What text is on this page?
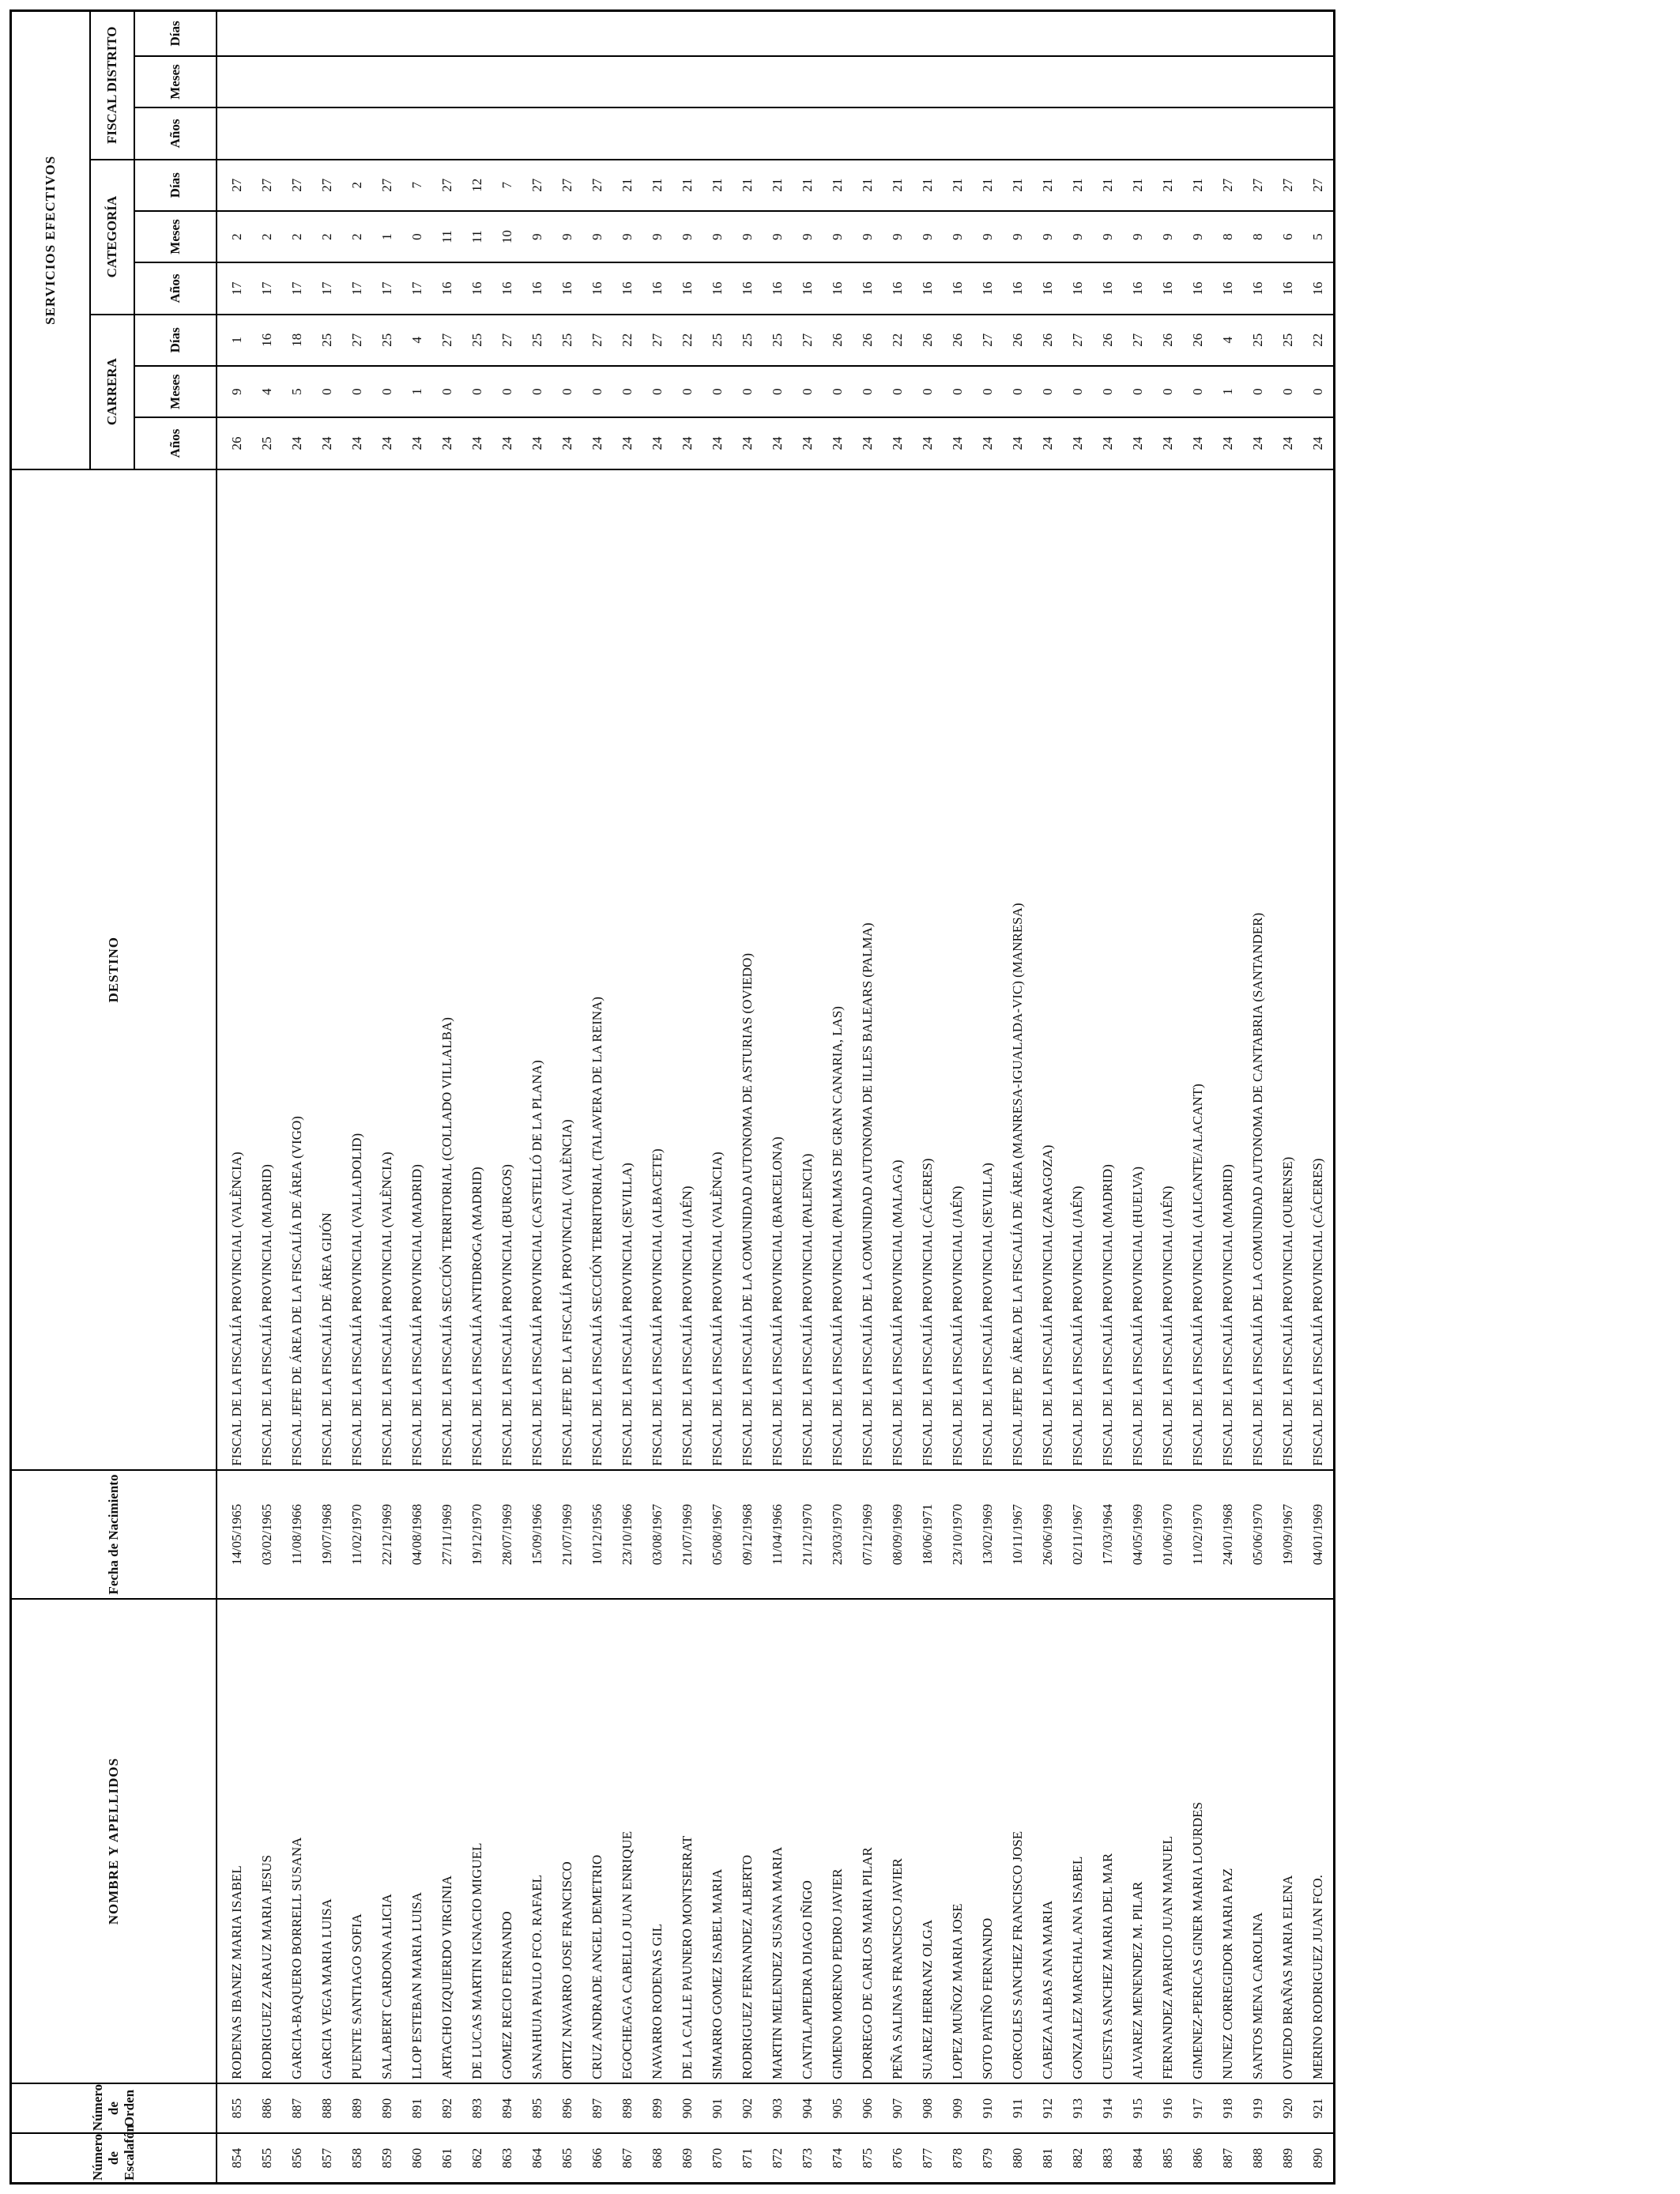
Número de Escalafón	Número de Orden	NOMBRE Y APELLIDOS	Fecha de Nacimiento	DESTINO	SERVICIOS EFECTIVOS								
					CARRERA			CATEGORÍA			FISCAL DISTRITO		
					Años	Meses	Días	Años	Meses	Días	Años	Meses	Días
854	855	RODENAS IBANEZ MARIA ISABEL	14/05/1965	FISCAL DE LA FISCALÍA PROVINCIAL (VALÈNCIA)	26	9	1	17	2	27			
855	886	RODRIGUEZ ZARAUZ MARIA JESUS	03/02/1965	FISCAL DE LA FISCALÍA PROVINCIAL (MADRID)	25	4	16	17	2	27			
856	887	GARCIA-BAQUERO BORRELL SUSANA	11/08/1966	FISCAL JEFE DE ÁREA DE LA FISCALÍA DE ÁREA (VIGO)	24	5	18	17	2	27			
857	888	GARCIA VEGA MARIA LUISA	19/07/1968	FISCAL DE LA FISCALÍA DE ÁREA GIJÓN	24	0	25	17	2	27			
858	889	PUENTE SANTIAGO SOFIA	11/02/1970	FISCAL DE LA FISCALÍA PROVINCIAL (VALLADOLID)	24	0	27	17	2	2			
859	890	SALABERT CARDONA ALICIA	22/12/1969	FISCAL DE LA FISCALÍA PROVINCIAL (VALÈNCIA)	24	0	25	17	1	27			
860	891	LLOP ESTEBAN MARIA LUISA	04/08/1968	FISCAL DE LA FISCALÍA PROVINCIAL (MADRID)	24	1	4	17	0	7			
861	892	ARTACHO IZQUIERDO VIRGINIA	27/11/1969	FISCAL DE LA FISCALÍA SECCIÓN TERRITORIAL (COLLADO VILLALBA)	24	0	27	16	11	27			
862	893	DE LUCAS MARTIN IGNACIO MIGUEL	19/12/1970	FISCAL DE LA FISCALÍA ANTIDROGA (MADRID)	24	0	25	16	11	12			
863	894	GOMEZ RECIO FERNANDO	28/07/1969	FISCAL DE LA FISCALÍA PROVINCIAL (BURGOS)	24	0	27	16	10	7			
864	895	SANAHUJA PAULO FCO. RAFAEL	15/09/1966	FISCAL DE LA FISCALÍA PROVINCIAL (CASTELLÓ DE LA PLANA)	24	0	25	16	9	27			
865	896	ORTIZ NAVARRO JOSE FRANCISCO	21/07/1969	FISCAL JEFE DE LA FISCALÍA PROVINCIAL (VALÈNCIA)	24	0	25	16	9	27			
866	897	CRUZ ANDRADE ANGEL DEMETRIO	10/12/1956	FISCAL DE LA FISCALÍA SECCIÓN TERRITORIAL (TALAVERA DE LA REINA)	24	0	27	16	9	27			
867	898	EGOCHEAGA CABELLO JUAN ENRIQUE	23/10/1966	FISCAL DE LA FISCALÍA PROVINCIAL (SEVILLA)	24	0	22	16	9	21			
868	899	NAVARRO RODENAS GIL	03/08/1967	FISCAL DE LA FISCALÍA PROVINCIAL (ALBACETE)	24	0	27	16	9	21			
869	900	DE LA CALLE PAUNERO MONTSERRAT	21/07/1969	FISCAL DE LA FISCALÍA PROVINCIAL (JAÉN)	24	0	22	16	9	21			
870	901	SIMARRO GOMEZ ISABEL MARIA	05/08/1967	FISCAL DE LA FISCALÍA PROVINCIAL (VALÈNCIA)	24	0	25	16	9	21			
871	902	RODRIGUEZ FERNANDEZ ALBERTO	09/12/1968	FISCAL DE LA FISCALÍA DE LA COMUNIDAD AUTONOMA DE ASTURIAS (OVIEDO)	24	0	25	16	9	21			
872	903	MARTIN MELENDEZ SUSANA MARIA	11/04/1966	FISCAL DE LA FISCALÍA PROVINCIAL (BARCELONA)	24	0	25	16	9	21			
873	904	CANTALAPIEDRA DIAGO IÑIGO	21/12/1970	FISCAL DE LA FISCALÍA PROVINCIAL (PALENCIA)	24	0	27	16	9	21			
874	905	GIMENO MORENO PEDRO JAVIER	23/03/1970	FISCAL DE LA FISCALÍA PROVINCIAL (PALMAS DE GRAN CANARIA, LAS)	24	0	26	16	9	21			
875	906	DORREGO DE CARLOS MARIA PILAR	07/12/1969	FISCAL DE LA FISCALÍA DE LA COMUNIDAD AUTONOMA DE ILLES BALEARS (PALMA)	24	0	26	16	9	21			
876	907	PEÑA SALINAS FRANCISCO JAVIER	08/09/1969	FISCAL DE LA FISCALÍA PROVINCIAL (MALAGA)	24	0	22	16	9	21			
877	908	SUAREZ HERRANZ OLGA	18/06/1971	FISCAL DE LA FISCALÍA PROVINCIAL (CÁCERES)	24	0	26	16	9	21			
878	909	LOPEZ MUÑOZ MARIA JOSE	23/10/1970	FISCAL DE LA FISCALÍA PROVINCIAL (JAÉN)	24	0	26	16	9	21			
879	910	SOTO PATIÑO FERNANDO	13/02/1969	FISCAL DE LA FISCALÍA PROVINCIAL (SEVILLA)	24	0	27	16	9	21			
880	911	CORCOLES SANCHEZ FRANCISCO JOSE	10/11/1967	FISCAL JEFE DE ÁREA DE LA FISCALÍA DE ÁREA (MANRESA-IGUALADA-VIC) (MANRESA)	24	0	26	16	9	21			
881	912	CABEZA ALBAS ANA MARIA	26/06/1969	FISCAL DE LA FISCALÍA PROVINCIAL (ZARAGOZA)	24	0	26	16	9	21			
882	913	GONZALEZ MARCHAL ANA ISABEL	02/11/1967	FISCAL DE LA FISCALÍA PROVINCIAL (JAÉN)	24	0	27	16	9	21			
883	914	CUESTA SANCHEZ MARIA DEL MAR	17/03/1964	FISCAL DE LA FISCALÍA PROVINCIAL (MADRID)	24	0	26	16	9	21			
884	915	ALVAREZ MENENDEZ M. PILAR	04/05/1969	FISCAL DE LA FISCALÍA PROVINCIAL (HUELVA)	24	0	27	16	9	21			
885	916	FERNANDEZ APARICIO JUAN MANUEL	01/06/1970	FISCAL DE LA FISCALÍA PROVINCIAL (JAÉN)	24	0	26	16	9	21			
886	917	GIMENEZ-PERICAS GINER MARIA LOURDES	11/02/1970	FISCAL DE LA FISCALÍA PROVINCIAL (ALICANTE/ALACANT)	24	0	26	16	9	21			
887	918	NUNEZ CORREGIDOR MARIA PAZ	24/01/1968	FISCAL DE LA FISCALÍA PROVINCIAL (MADRID)	24	1	4	16	8	27			
888	919	SANTOS MENA CAROLINA	05/06/1970	FISCAL DE LA FISCALÍA DE LA COMUNIDAD AUTONOMA DE CANTABRIA (SANTANDER)	24	0	25	16	8	27			
889	920	OVIEDO BRAÑAS MARIA ELENA	19/09/1967	FISCAL DE LA FISCALÍA PROVINCIAL (OURENSE)	24	0	25	16	6	27			
890	921	MERINO RODRIGUEZ JUAN FCO.	04/01/1969	FISCAL DE LA FISCALÍA PROVINCIAL (CÁCERES)	24	0	22	16	5	27			
